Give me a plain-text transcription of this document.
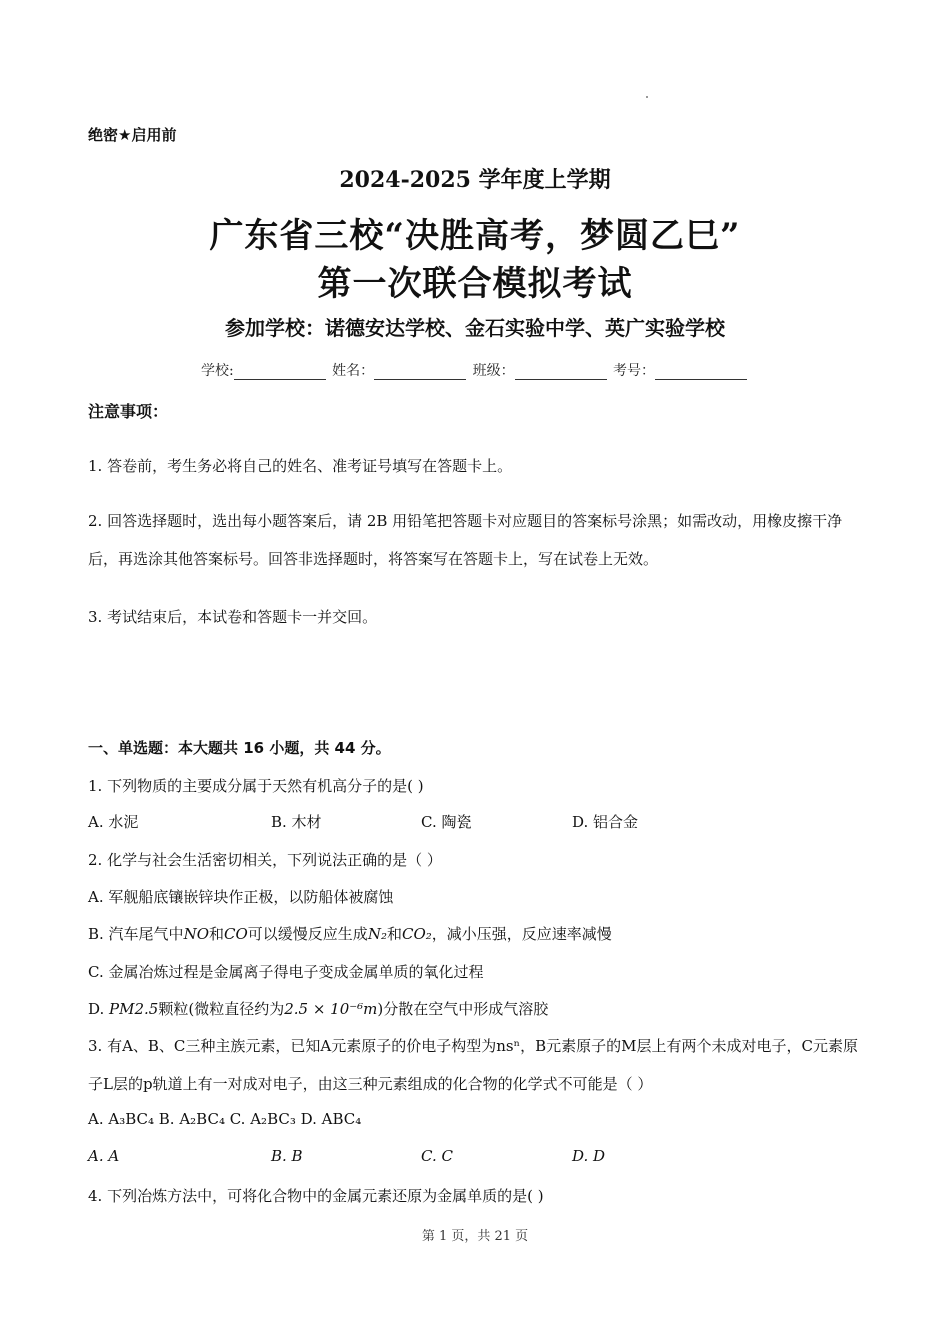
绝密★启用前
2024-2025 学年度上学期
广东省三校“决胜高考，梦圆乙巳”
第一次联合模拟考试
参加学校：诺德安达学校、金石实验中学、英广实验学校
学校:	姓名：	班级：	考号：
注意事项：
1. 答卷前，考生务必将自己的姓名、准考证号填写在答题卡上。
2. 回答选择题时，选出每小题答案后，请 2B 用铅笔把答题卡对应题目的答案标号涂黑；如需改动，用橡皮擦干净后，再选涂其他答案标号。回答非选择题时，将答案写在答题卡上，写在试卷上无效。
3. 考试结束后，本试卷和答题卡一并交回。
一、单选题：本大题共 16 小题，共 44 分。
1. 下列物质的主要成分属于天然有机高分子的是( )
A. 水泥	B. 木材	C. 陶瓷	D. 铝合金
2. 化学与社会生活密切相关，下列说法正确的是（ ）
A. 军舰船底镶嵌锌块作正极，以防船体被腐蚀
B. 汽车尾气中NO和CO可以缓慢反应生成N₂和CO₂，减小压强，反应速率减慢
C. 金属冶炼过程是金属离子得电子变成金属单质的氧化过程
D. PM2.5颗粒(微粒直径约为2.5 × 10⁻⁶m)分散在空气中形成气溶胶
3. 有A、B、C三种主族元素，已知A元素原子的价电子构型为nsⁿ，B元素原子的M层上有两个未成对电子，C元素原子L层的p轨道上有一对成对电子，由这三种元素组成的化合物的化学式不可能是（ ）
A. A₃BC₄ B. A₂BC₄ C. A₂BC₃ D. ABC₄
A. A	B. B	C. C	D. D
4. 下列冶炼方法中，可将化合物中的金属元素还原为金属单质的是( )
第 1 页，共 21 页
